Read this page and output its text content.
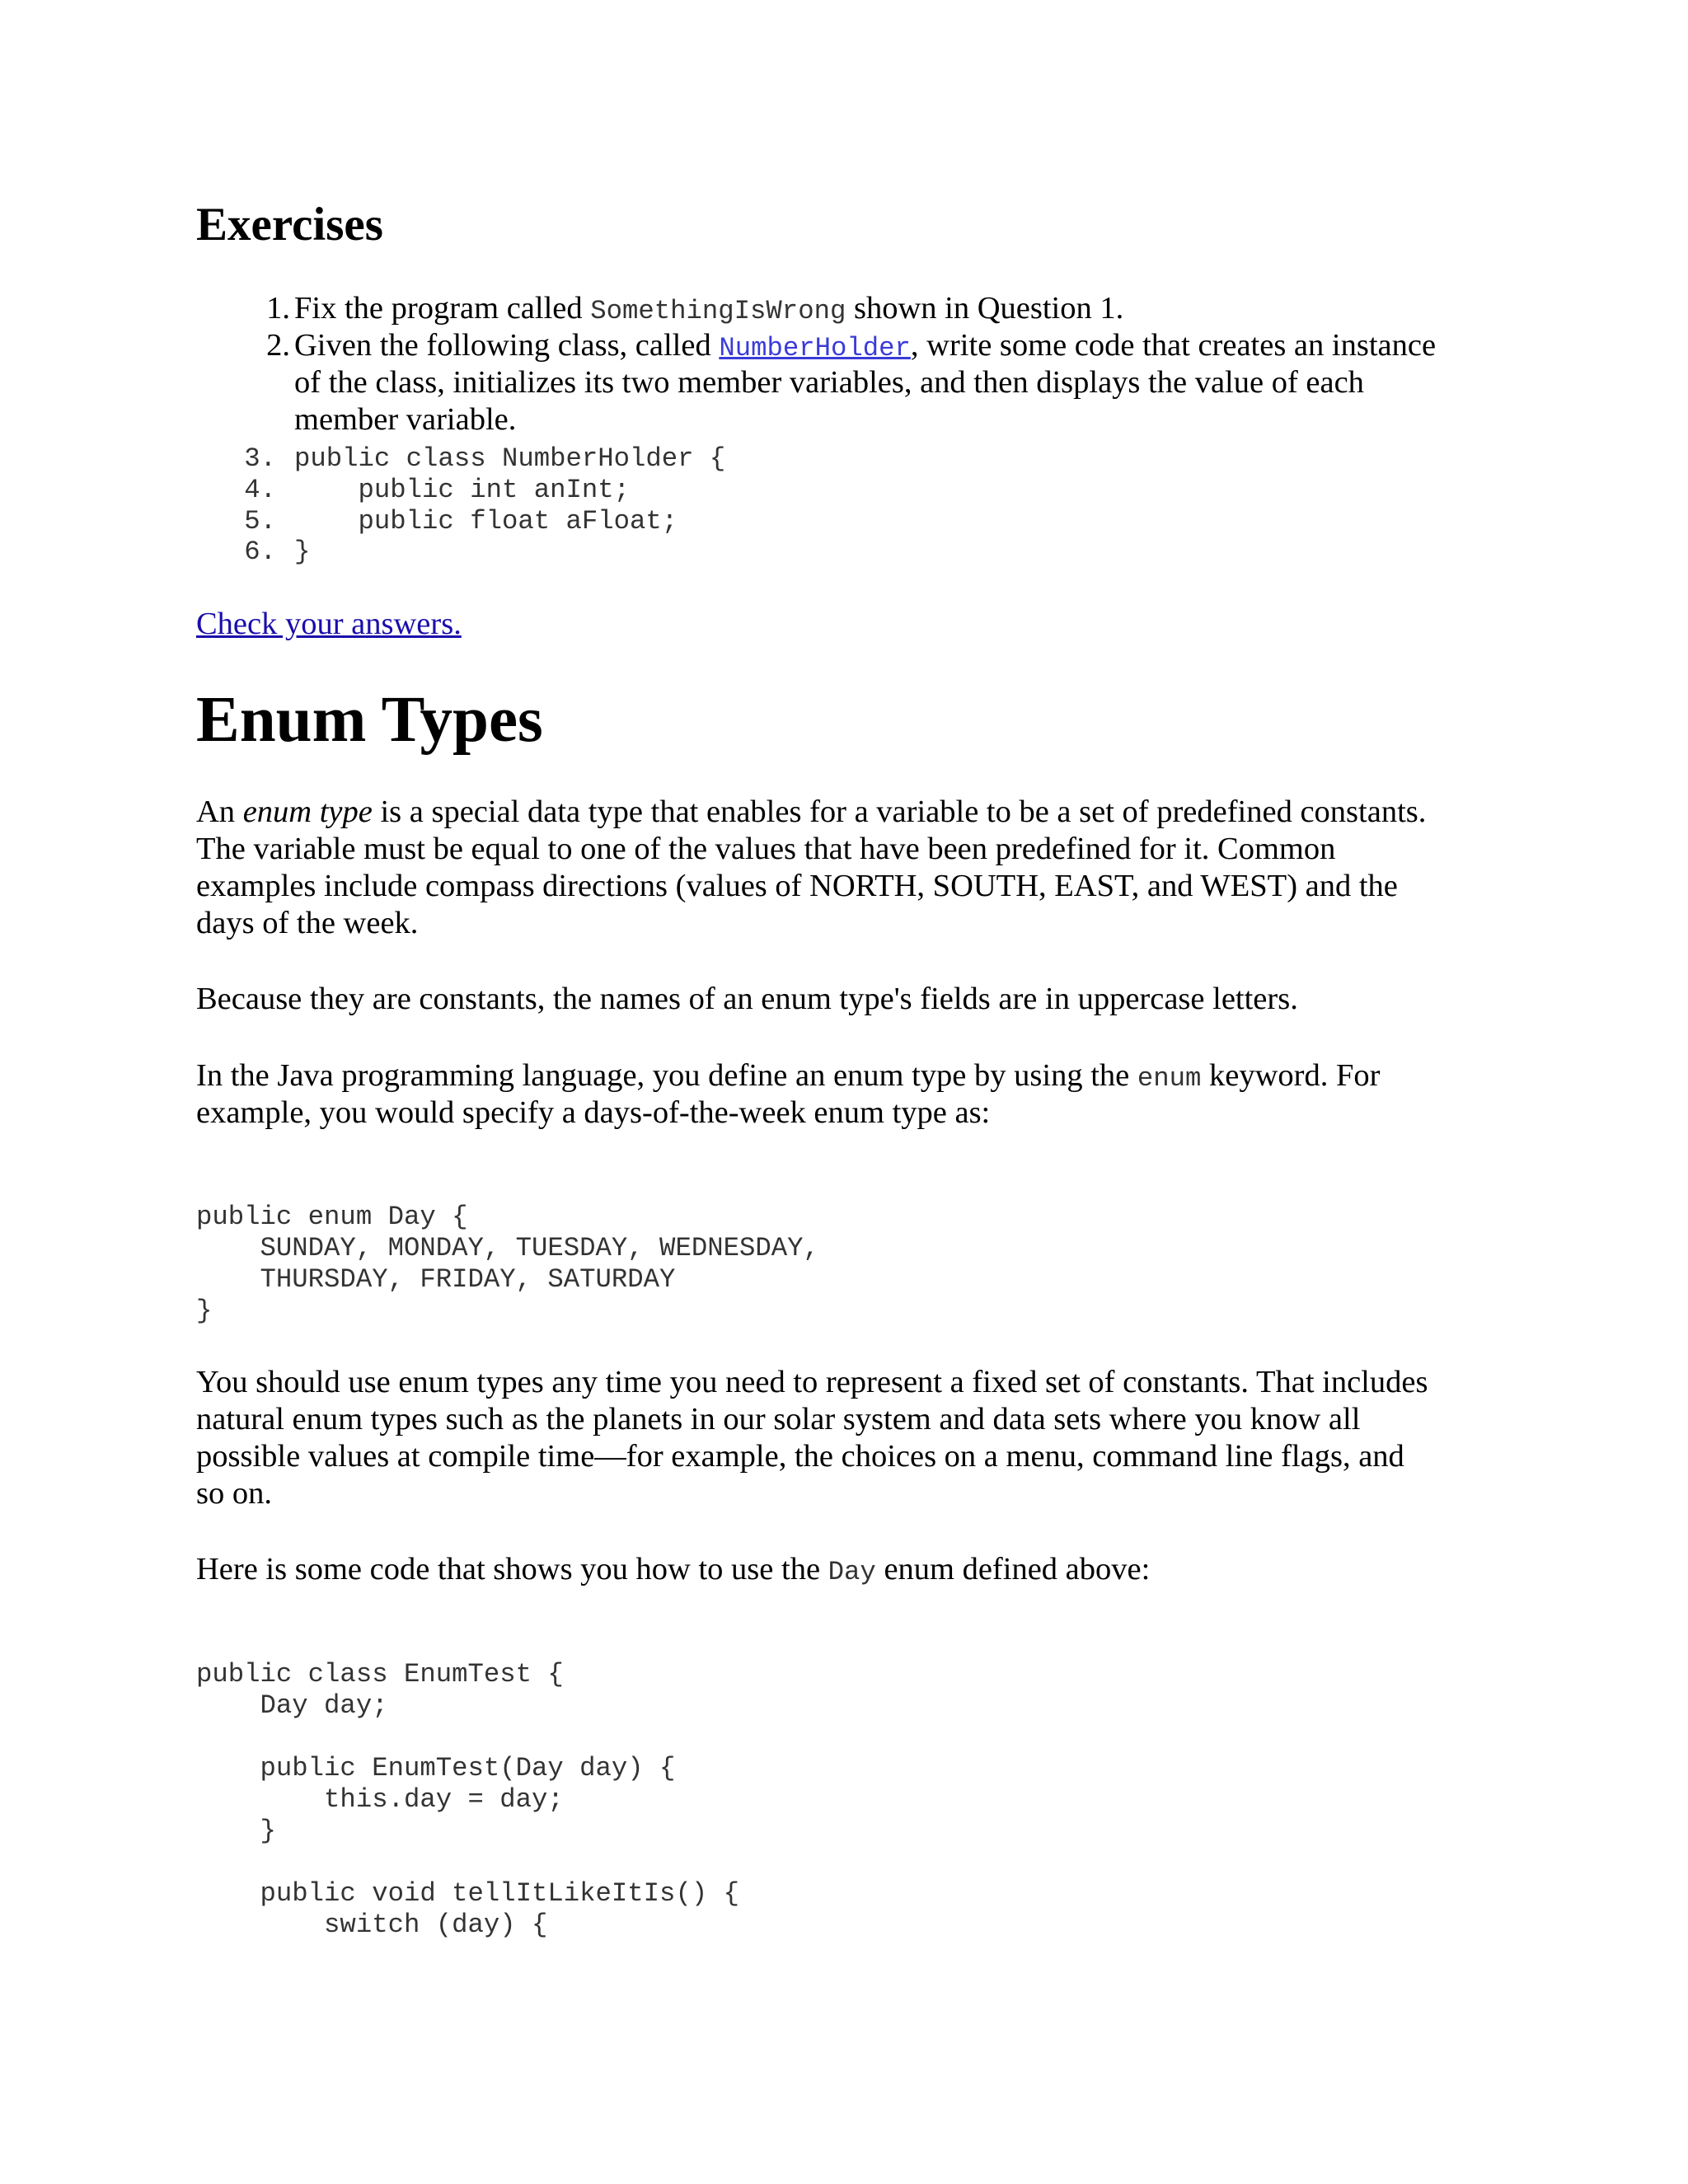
Exercises
1. Fix the program called SomethingIsWrong shown in Question 1.
2. Given the following class, called NumberHolder, write some code that creates an instance
of the class, initializes its two member variables, and then displays the value of each
member variable.
3. public class NumberHolder {
4. public int anInt;
5. public float aFloat;
6. }
Check your answers.
Enum Types
An enum type is a special data type that enables for a variable to be a set of predefined constants.
The variable must be equal to one of the values that have been predefined for it. Common
examples include compass directions (values of NORTH, SOUTH, EAST, and WEST) and the
days of the week.
Because they are constants, the names of an enum type's fields are in uppercase letters.
In the Java programming language, you define an enum type by using the enum keyword. For
example, you would specify a days-of-the-week enum type as:
public enum Day {
SUNDAY, MONDAY, TUESDAY, WEDNESDAY,
THURSDAY, FRIDAY, SATURDAY
}
You should use enum types any time you need to represent a fixed set of constants. That includes
natural enum types such as the planets in our solar system and data sets where you know all
possible values at compile time—for example, the choices on a menu, command line flags, and
so on.
Here is some code that shows you how to use the Day enum defined above:
public class EnumTest {
Day day;
public EnumTest(Day day) {
this.day = day;
}
public void tellItLikeItIs() {
switch (day) {
